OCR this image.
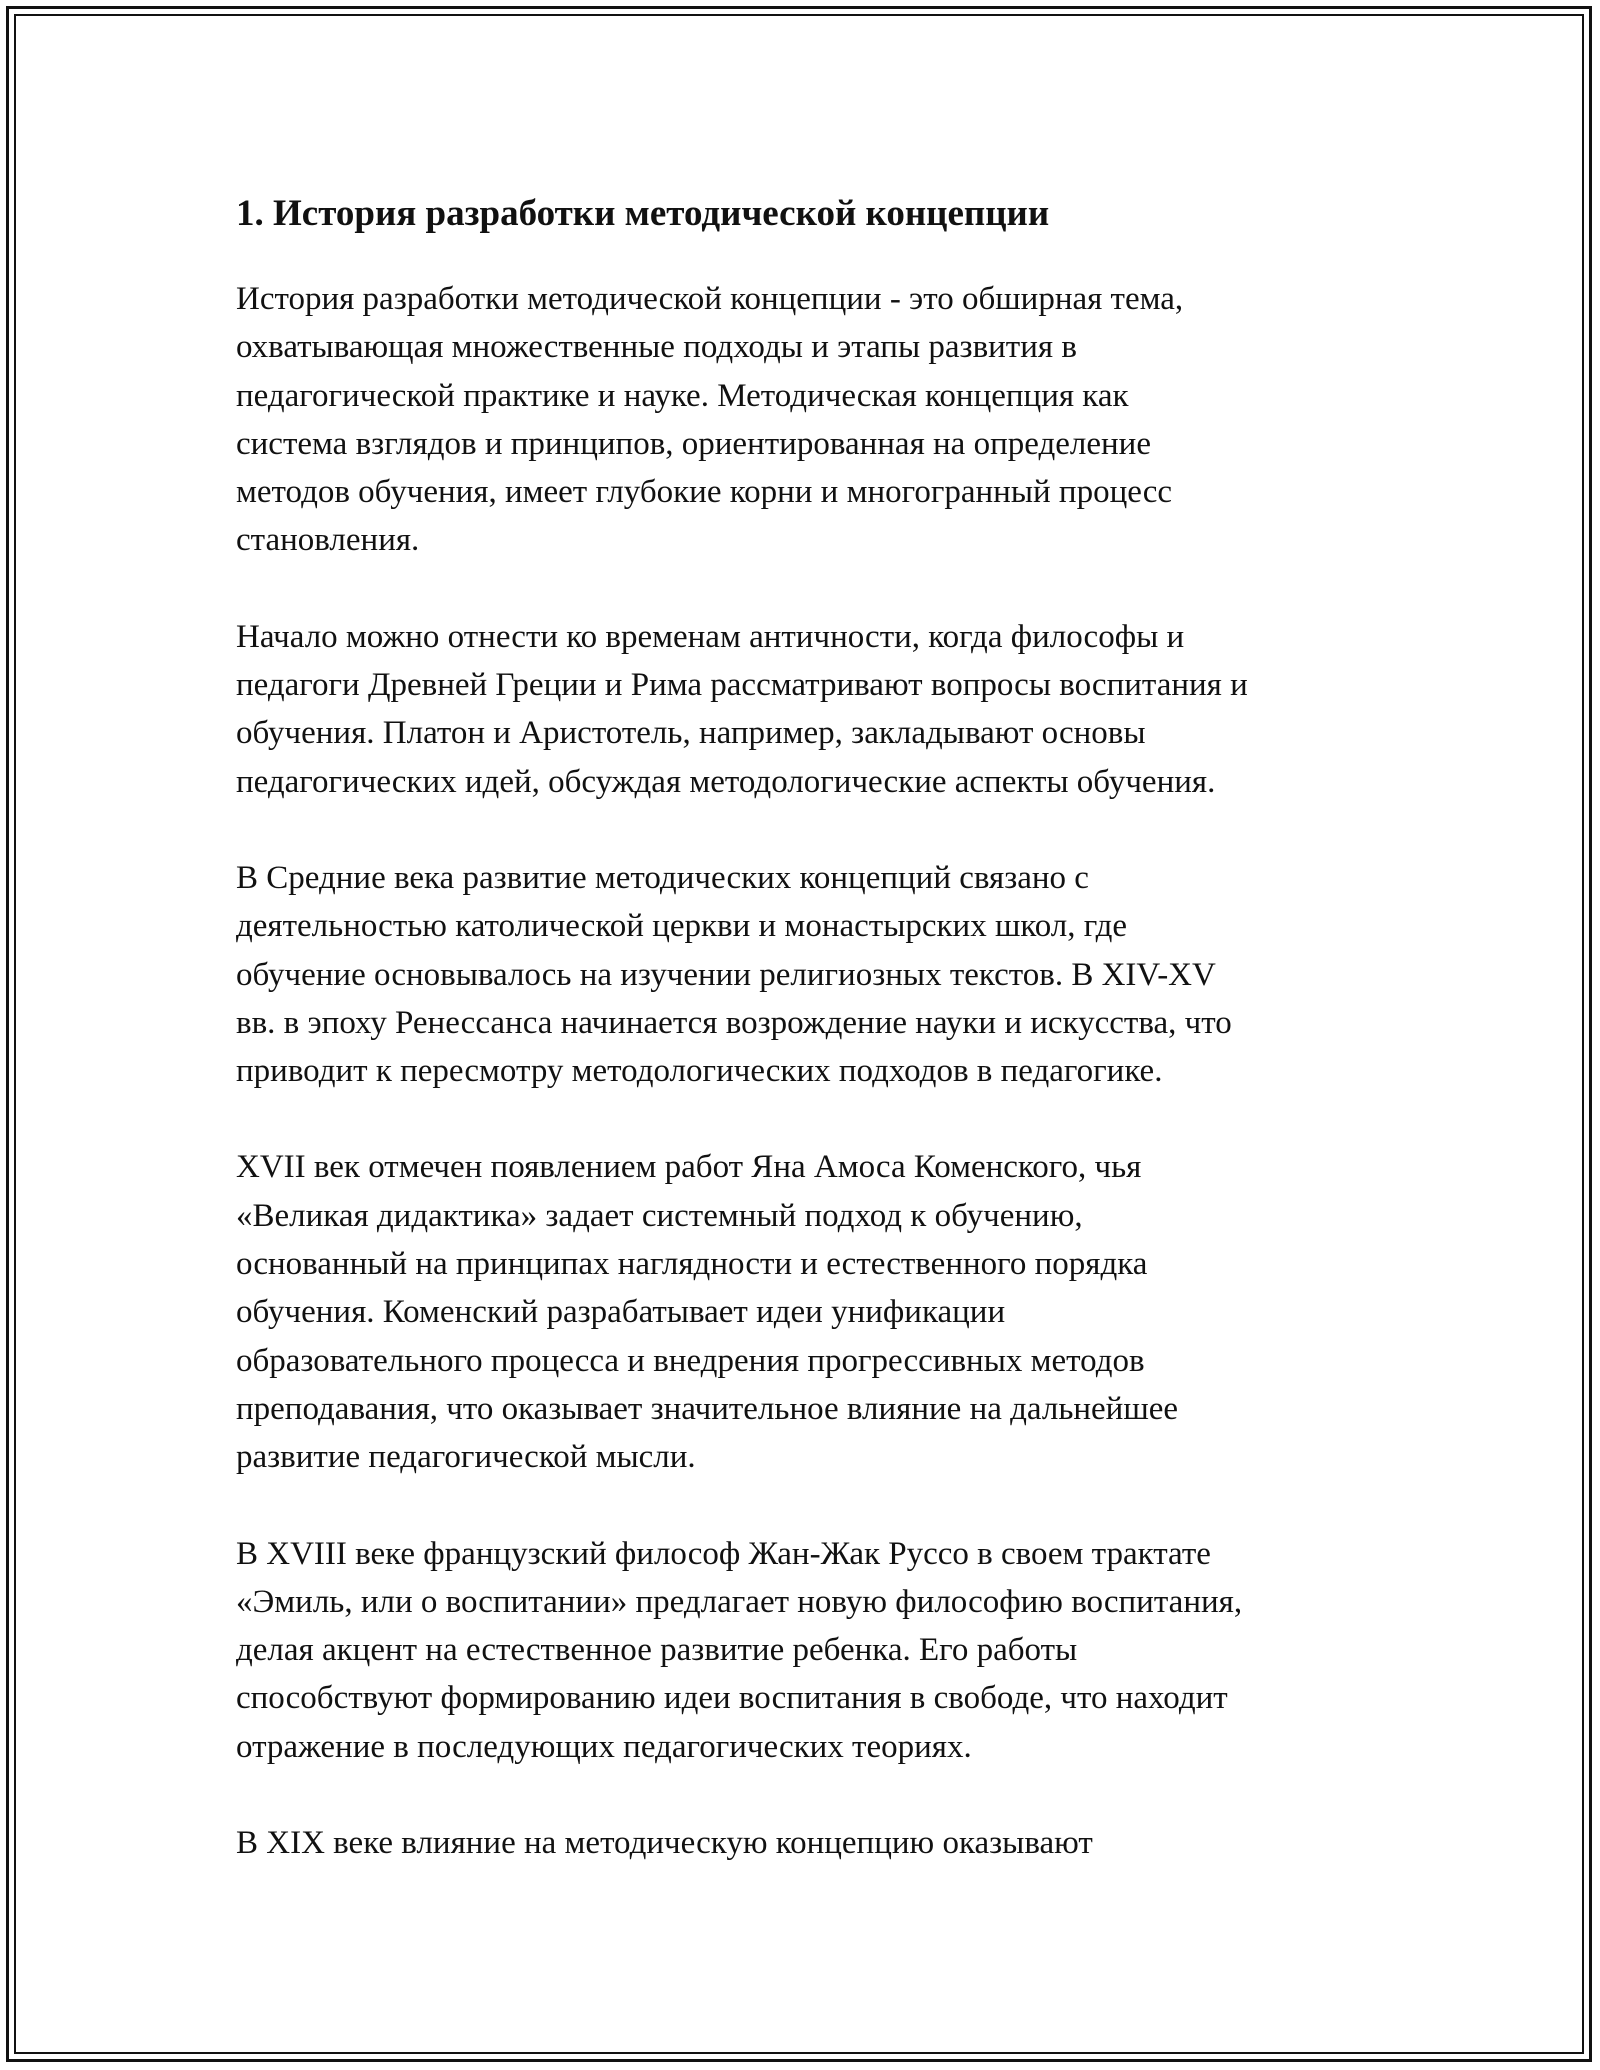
1. История разработки методической концепции

История разработки методической концепции - это обширная тема,
охватывающая множественные подходы и этапы развития в
педагогической практике и науке. Методическая концепция как
система взглядов и принципов, ориентированная на определение
методов обучения, имеет глубокие корни и многогранный процесс
становления.

Начало можно отнести ко временам античности, когда философы и
педагоги Древней Греции и Рима рассматривают вопросы воспитания и
обучения. Платон и Аристотель, например, закладывают основы
педагогических идей, обсуждая методологические аспекты обучения.

В Средние века развитие методических концепций связано с
деятельностью католической церкви и монастырских школ, где
обучение основывалось на изучении религиозных текстов. В XIV-XV
вв. в эпоху Ренессанса начинается возрождение науки и искусства, что
приводит к пересмотру методологических подходов в педагогике.

XVII век отмечен появлением работ Яна Амоса Коменского, чья
«Великая дидактика» задает системный подход к обучению,
основанный на принципах наглядности и естественного порядка
обучения. Коменский разрабатывает идеи унификации
образовательного процесса и внедрения прогрессивных методов
преподавания, что оказывает значительное влияние на дальнейшее
развитие педагогической мысли.

В XVIII веке французский философ Жан-Жак Руссо в своем трактате
«Эмиль, или о воспитании» предлагает новую философию воспитания,
делая акцент на естественное развитие ребенка. Его работы
способствуют формированию идеи воспитания в свободе, что находит
отражение в последующих педагогических теориях.

В XIX веке влияние на методическую концепцию оказывают
